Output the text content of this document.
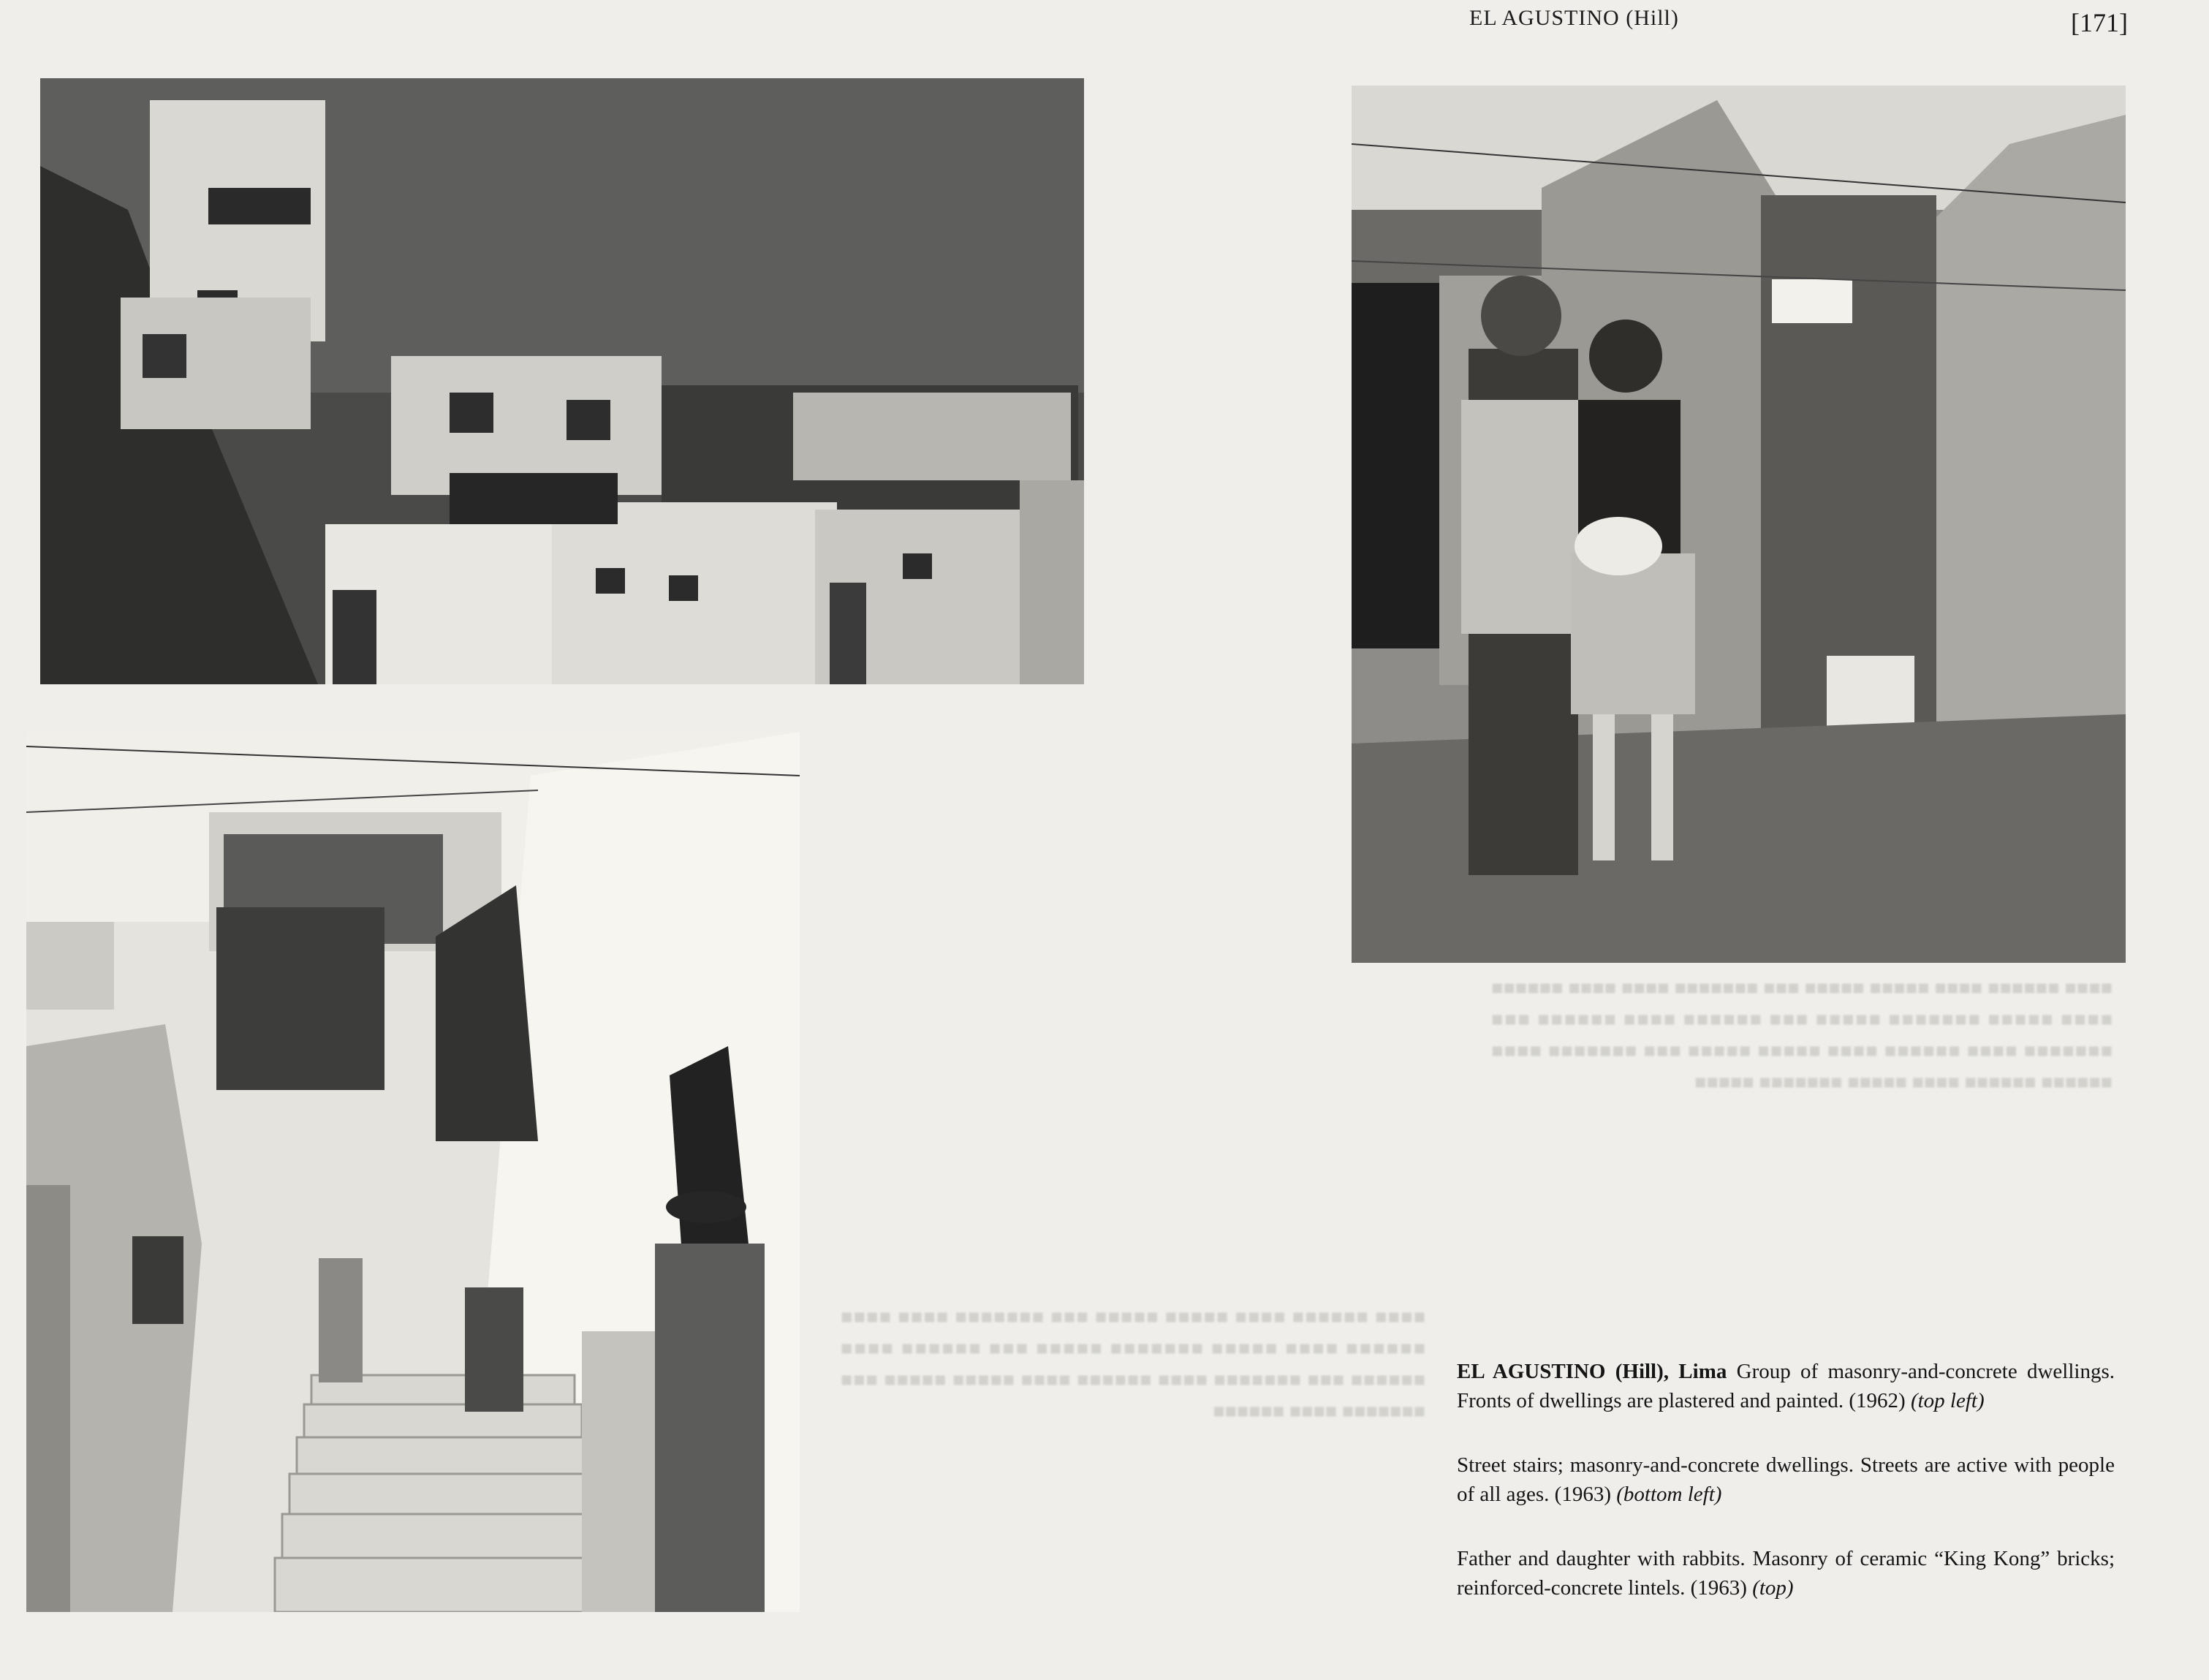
EL AGUSTINO (Hill)	[171]
■■■■ ■■■■■■ ■■■■ ■■■■■ ■■■■■ ■■■ ■■■■■■■ ■■■■ ■■■■ ■■■■■■ ■■■■ ■■■■■ ■■■■■■■ ■■■■■ ■■■ ■■■■■■ ■■■■ ■■■■■■ ■■■ ■■■■■■■ ■■■■ ■■■■■■ ■■■■ ■■■■■ ■■■■■ ■■■ ■■■■■■■ ■■■■ ■■■■■■ ■■■■■■ ■■■■ ■■■■■ ■■■■■■■ ■■■■■
■■■■ ■■■■■■ ■■■■ ■■■■■ ■■■■■ ■■■ ■■■■■■■ ■■■■ ■■■■ ■■■■■■ ■■■■ ■■■■■ ■■■■■■■ ■■■■■ ■■■ ■■■■■■ ■■■■ ■■■■■■ ■■■ ■■■■■■■ ■■■■ ■■■■■■ ■■■■ ■■■■■ ■■■■■ ■■■ ■■■■■■■ ■■■■ ■■■■■■

EL AGUSTINO (Hill), Lima Group of masonry-and-concrete dwellings. Fronts of dwellings are plastered and painted. (1962) (top left)

Street stairs; masonry-and-concrete dwellings. Streets are active with people of all ages. (1963) (bottom left)

Father and daughter with rabbits. Masonry of ceramic “King Kong” bricks; reinforced-concrete lintels. (1963) (top)
